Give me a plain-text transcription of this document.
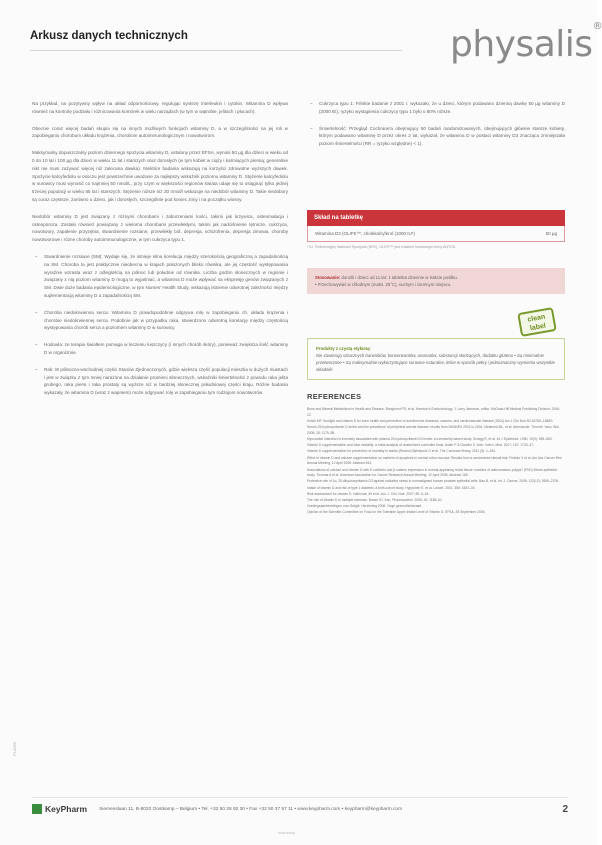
Arkusz danych technicznych	physalis®

Na przykład, na pozytywny wpływ na układ odpornościowy, regulując syntezę interleukin i cytokin. Witamina D wpływa również na kontrolę podziału i różnicowania komórek w wielu narządach (w tym w wątrobie, jelitach i płucach).

Obecnie coraz więcej badań skupia się na innych możliwych funkcjach witaminy D, a w szczególności na jej roli w zapobieganiu chorobom układu krążenia, chorobom autoimmunologicznym i nowotworom.

Maksymalny dopuszczalny poziom dziennego spożycia witaminy D, ustalony przez EFSA, wynosi 50 µg dla dzieci w wieku od 0 do 10 lat i 100 µg dla dzieci w wieku 11 lat i starszych oraz dorosłych (w tym kobiet w ciąży i karmiących piersią; generalnie nikt nie musi zażywać więcej niż zalecana dawka). Niektóre badania wskazują na korzyści zdrowotne wyższych dawek. Spożycie kalcyfediolu w osoczu jest powszechnie uważane za najlepszy wskaźnik poziomu witaminy D. Stężenie kalcyfediolu w surowicy musi wynosić co najmniej 50 nmol/L, przy czym w większości regionów świata udaje się to osiągnąć tylko jednej trzeciej populacji w wieku 65 lat i starszych. Stężenie niższe niż 30 nmol/l wskazuje na niedobór witaminy D. Takie niedobory są coraz częstsze, zarówno u dzieci, jak i dorosłych, szczególnie pod koniec zimy i na początku wiosny.

Niedobór witaminy D jest związany z różnymi chorobami i zaburzeniami kości, takimi jak krzywica, osteomalacja i osteoporoza. Zostało również powiązany z wieloma chorobami przewlekłymi, takimi jak nadciśnienie tętnicze, cukrzyca, nowotwory, zapalenie przyzębia, stwardnienie rozsiane, przewlekły ból, depresja, schizofrenia, depresja zimowa, choroby nowotworowe i różne choroby autoimmunologiczne, w tym cukrzyca typu 1.

– Stwardnienie rozsiane (SM): Wydaje się, że istnieje silna korelacja między szerokością geograficzną a zapadalnością na SM. Choroba ta jest praktycznie nieobecna w krajach położonych blisko równika, ale jej częstość występowania wyraźnie wzrasta wraz z odległością na północ lub południe od równika. Liczba godzin słonecznych w regionie i związany z nią poziom witaminy D mogą to wyjaśniać, a witamina D może wpływać na ekspresję genów związanych z SM. Dwie duże badania epidemiologiczne, w tym Nurses' Health Study, wskazują istnienie odwrotnej zależności między suplementacją witaminy D a zapadalnością SM.
– Choroba niedokrwienna serca: Witamina D prawdopodobnie odgrywa rolę w zapobieganiu ch. układu krążenia i chorobie niedokrwiennej serca. Podobnie jak w przypadku raka, stwierdzono odwrotną korelację między częstością występowania chorób serca a poziomem witaminy D w surowicy.
– Hodowla: ze terapia światłem pomaga w leczeniu łuszczycy (i innych chorób skóry), ponieważ zwiększa ilość witaminy D w organizmie.
– Rak: W północno-wschodniej części Stanów Zjednoczonych, gdzie większa część populacji mieszka w dużych miastach i jest w związku z tym mniej narażona na działanie promieni słonecznych, wskaźniki śmiertelności z powodu raka jelita grubego, raka piersi i raka prostaty są wyższe niż w bardziej słonecznej południowej części kraju. Różne badania wykazały, że witamina D (wraz z wapniem) może odgrywać rolę w zapobieganiu tym rodzajom nowotworów.
– Cukrzyca typu 1: Fińskie badanie z 2001 r. wykazało, że u dzieci, którym podawano dzienną dawkę 50 µg witaminy D (2000 IE), ryzyko wystąpienia cukrzycy typu 1 było o 80% niższe.
– Śmiertelność: Przegląd Cochrane'a obejmujący 50 badań randomizowanych, obejmujących głównie starsze kobiety, którym podawano witaminę D przez okres 2 lat, wykazał, że witamina D w postaci witaminy D3 znacząco zmniejszała poziom śmiertelności (RR = ryzyko względne) < 1).
Skład na tabletkę
Witamina D3 (OLIFE™, cholekalcyferol (1000 IU*)	50 µg
* IU, Referencyjny Wartości Spożycia (NRV), OLIFE™ jest znakiem towarowym firmy ANTOS.
Stosowanie: dorośli i dzieci od 11 lat: 1 tabletka dziennie w trakcie posiłku.
• Przechowywać w chłodnym (maks. 25°C), suchym i ciemnym miejscu.
clean
label
Produkty z czystą etykietą:
Nie zawierają sztucznych barwników, konserwantów, aromatów, substancji słodzących, dodatku glutenu • Są minimalnie przetworzone • Są maksymalnie wykorzystujące surowce naturalne, które w sposób pełny i jednoznaczny wymienia wszystkie składniki
REFERENCES
Bone and Mineral Metabolism in Health and Disease. Bringhurst FR, et al. Harrison's Endocrinology, J. Larry Jameson, editor. McGraw-Hill Medical Publishing Division, 2006: 22.
Holick MF. Sunlight and vitamin D for bone health and prevention of autoimmune diseases, cancers, and cardiovascular disease (2004) Am J Clin Nutr 80:1678S–1688S.
Serum 25-hydroxyvitamin D levels and the prevalence of peripheral arterial disease: results from NHANES 2001 to 2004. Melamed ML, et al. Arterioscler. Thromb. Vasc. Biol. 2008; 28: 1179–85.
Myocardial Infarction is Inversely associated with plasma 25-hydroxyvitamin D3 levels: a community-based study. Scragg R, et al. Int J Epidemiol. 1990; 19(3): 559–563.
Vitamin D supplementation and total mortality: a meta-analysis of randomized controlled trials. Autier P & Gandini S. Arch. Intern. Med. 2007; 167: 1730–37.
Vitamin D supplementation for prevention of mortality in adults (Review) Bjelakovic G et al. The Cochrane library, 2011 (9): 1–254.
Effect of vitamin D and calcium supplementation on markers of apoptosis in normal colon mucosa: Results from a randomized clinical trial. Fedirko V et al. Am Ass Cancer Res Annual Meeting, 12 April 2008. Abstract 464.
Associations of calcium and vitamin D with E-cadherin and β-catenin expression in normal-appearing rectal tissue: markers of adenomatous polyps? (PhD) Illinois epithelial study. Thomas A et al. American Association for Cancer Research Annual Meeting, 12 April 2008, Abstract 165.
Protective role of 1α, 25-dihydroxyvitamin D3 against oxidative stress in nonmalignant human prostate epithelial cells. Bao B, et al. Int. J. Cancer. 2008; 122(12): 2699–2706.
Intake of vitamin D and risk of type 1 diabetes: a birth-cohort study. Hyppönen E, et al. Lancet. 2001; 358: 1500–03.
Risk assessment for vitamin D. Hathcock JN et al. Am. J. Clin. Nutr. 2007; 85: 6–18.
The role of vitamin D in multiple sclerosis. Brown SJ. Ann. Pharmacother. 2006; 40: 1158–61.
Voedingsaanbevelingen voor België, Herziening 2006. Hoge gezondheidsraad.
Opinion of the Scientific Committee on Food on the Tolerable Upper Intake Level of Vitamin D. EFSA, 28 September 2006.
PI-0259
KeyPharm	Siemenslaan 11, B-8020 Oostkamp – Belgium • Tel. +32 50 28 92 30 • Fax +32 50 37 57 11 • www.keypharm.com • keypharm@keypharm.com	2
scanshop
